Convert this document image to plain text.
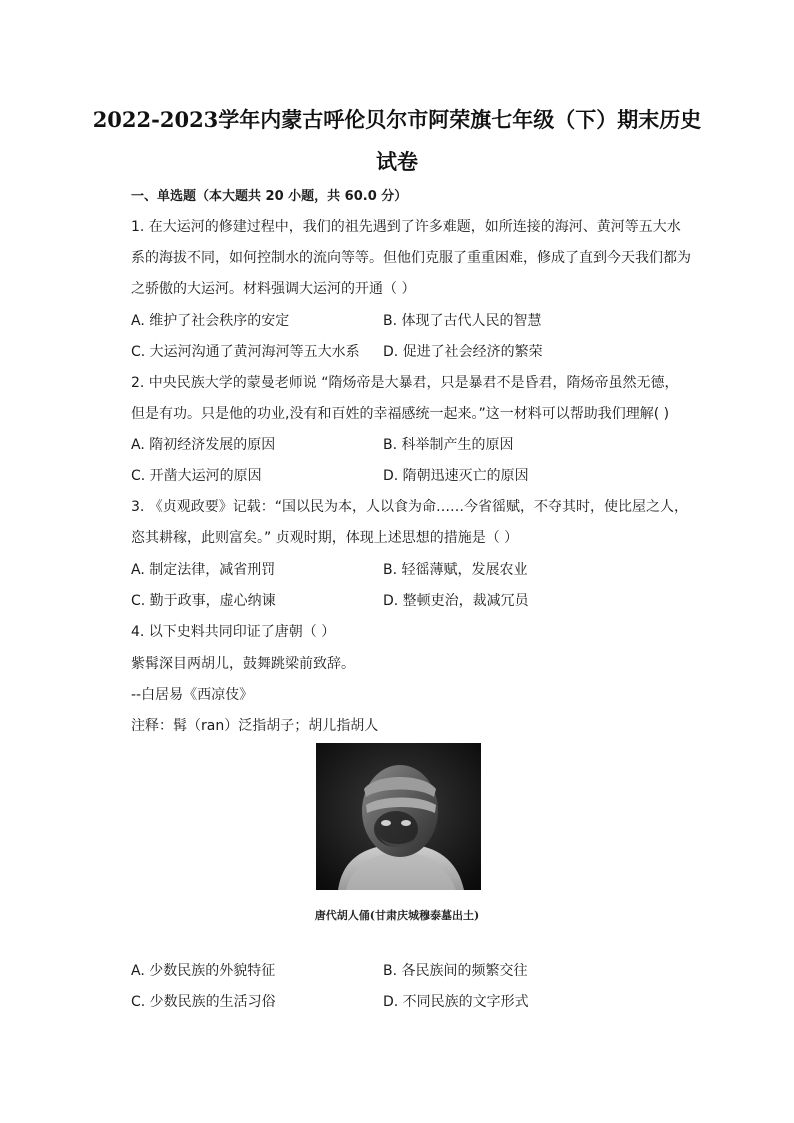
2022-2023学年内蒙古呼伦贝尔市阿荣旗七年级（下）期末历史
试卷
一、单选题（本大题共 20 小题，共 60.0 分）
1. 在大运河的修建过程中，我们的祖先遇到了许多难题，如所连接的海河、黄河等五大水
系的海拔不同，如何控制水的流向等等。但他们克服了重重困难，修成了直到今天我们都为
之骄傲的大运河。材料强调大运河的开通（ ）
A. 维护了社会秩序的安定	B. 体现了古代人民的智慧
C. 大运河沟通了黄河海河等五大水系 D. 促进了社会经济的繁荣
2. 中央民族大学的蒙曼老师说 “隋炀帝是大暴君，只是暴君不是昏君，隋炀帝虽然无德，
但是有功。只是他的功业,没有和百姓的幸福感统一起来。”这一材料可以帮助我们理解( )
A. 隋初经济发展的原因	B. 科举制产生的原因
C. 开凿大运河的原因	D. 隋朝迅速灭亡的原因
3. 《贞观政要》记载：“国以民为本，人以食为命……今省徭赋，不夺其时，使比屋之人，
恣其耕稼，此则富矣。” 贞观时期，体现上述思想的措施是（ ）
A. 制定法律，减省刑罚	B. 轻徭薄赋，发展农业
C. 勤于政事，虚心纳谏	D. 整顿吏治，裁减冗员
4. 以下史料共同印证了唐朝（ ）
紫髯深目两胡儿，鼓舞跳梁前致辞。
--白居易《西凉伎》
注释：髯（ran）泛指胡子；胡儿指胡人
唐代胡人俑(甘肃庆城穆泰墓出土)
A. 少数民族的外貌特征	B. 各民族间的频繁交往
C. 少数民族的生活习俗	D. 不同民族的文字形式
